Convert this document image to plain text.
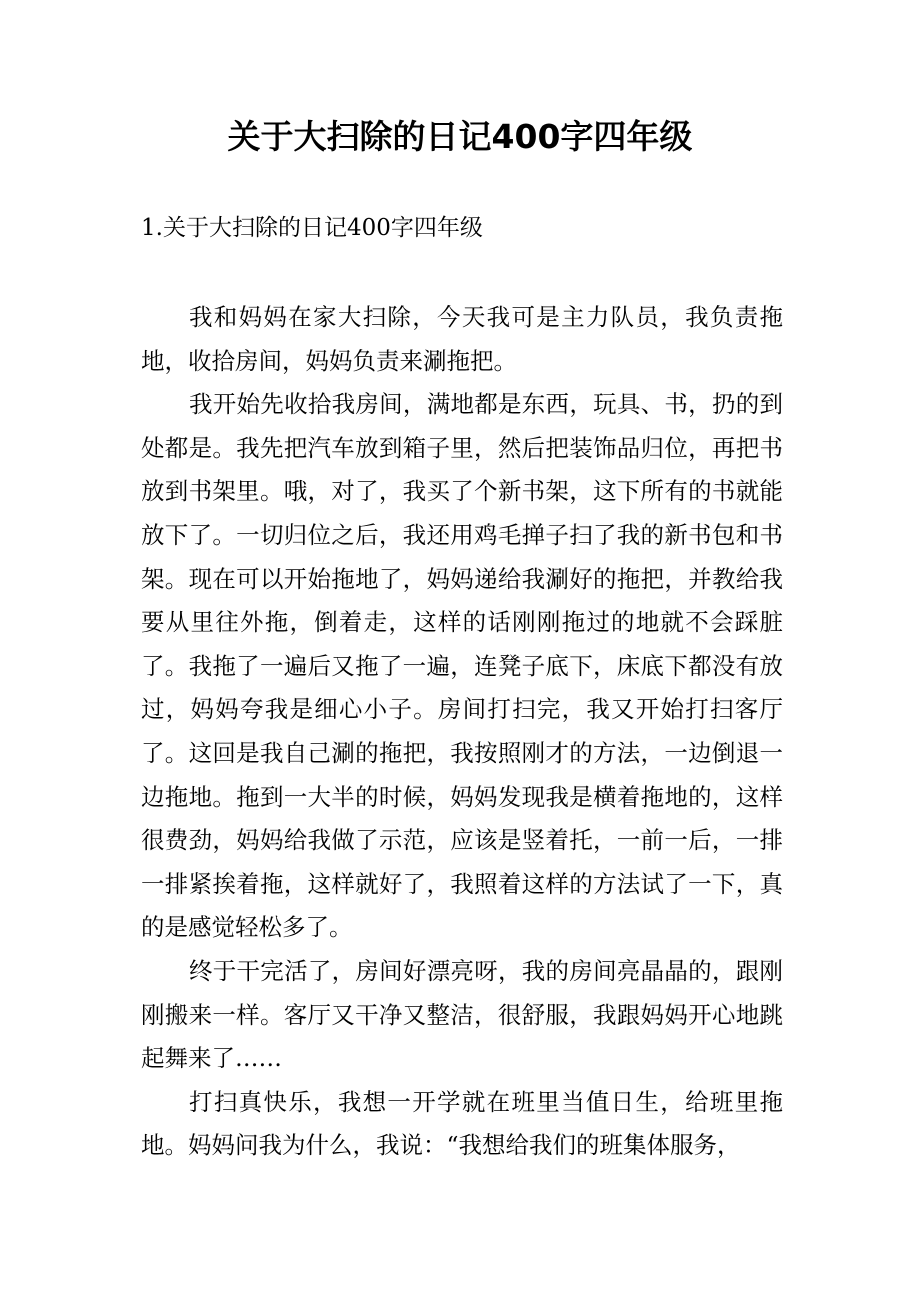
关于大扫除的日记400字四年级
1.关于大扫除的日记400字四年级

我和妈妈在家大扫除，今天我可是主力队员，我负责拖地，收拾房间，妈妈负责来涮拖把。

我开始先收拾我房间，满地都是东西，玩具、书，扔的到处都是。我先把汽车放到箱子里，然后把装饰品归位，再把书放到书架里。哦，对了，我买了个新书架，这下所有的书就能放下了。一切归位之后，我还用鸡毛掸子扫了我的新书包和书架。现在可以开始拖地了，妈妈递给我涮好的拖把，并教给我要从里往外拖，倒着走，这样的话刚刚拖过的地就不会踩脏了。我拖了一遍后又拖了一遍，连凳子底下，床底下都没有放过，妈妈夸我是细心小子。房间打扫完，我又开始打扫客厅了。这回是我自己涮的拖把，我按照刚才的方法，一边倒退一边拖地。拖到一大半的时候，妈妈发现我是横着拖地的，这样很费劲，妈妈给我做了示范，应该是竖着托，一前一后，一排一排紧挨着拖，这样就好了，我照着这样的方法试了一下，真的是感觉轻松多了。

终于干完活了，房间好漂亮呀，我的房间亮晶晶的，跟刚刚搬来一样。客厅又干净又整洁，很舒服，我跟妈妈开心地跳起舞来了……

打扫真快乐，我想一开学就在班里当值日生，给班里拖地。妈妈问我为什么，我说：“我想给我们的班集体服务，
